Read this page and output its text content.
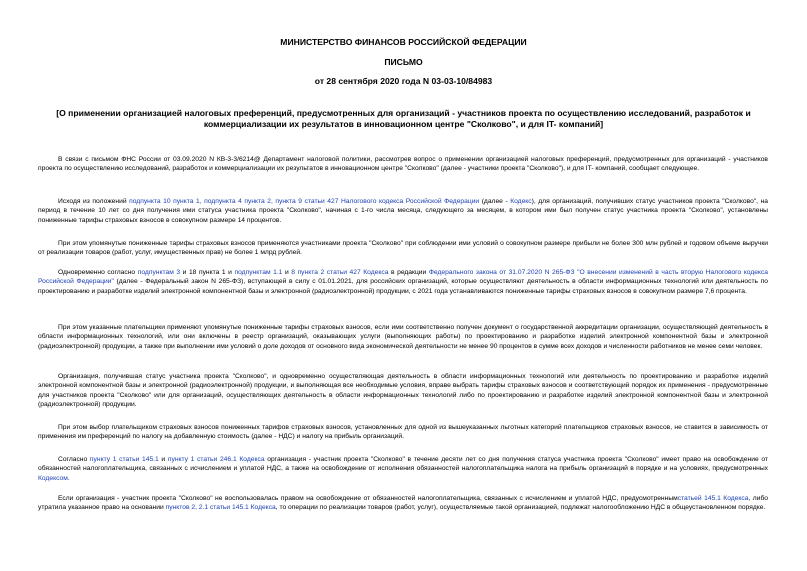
МИНИСТЕРСТВО ФИНАНСОВ РОССИЙСКОЙ ФЕДЕРАЦИИ
ПИСЬМО
от 28 сентября 2020 года N 03-03-10/84983
[О применении организацией налоговых преференций, предусмотренных для организаций - участников проекта по осуществлению исследований, разработок и коммерциализации их результатов в инновационном центре "Сколково", и для IT- компаний]

В связи с письмом ФНС России от 03.09.2020 N КВ-3-3/6214@ Департамент налоговой политики, рассмотрев вопрос о применении организацией налоговых преференций, предусмотренных для организаций - участников проекта по осуществлению исследований, разработок и коммерциализации их результатов в инновационном центре "Сколково" (далее - участники проекта "Сколково"), и для IT- компаний, сообщает следующее.

Исходя из положений подпункта 10 пункта 1, подпункта 4 пункта 2, пункта 9 статьи 427 Налогового кодекса Российской Федерации (далее - Кодекс), для организаций, получивших статус участников проекта "Сколково", на период в течение 10 лет со дня получения ими статуса участника проекта "Сколково", начиная с 1-го числа месяца, следующего за месяцем, в котором ими был получен статус участника проекта "Сколково", установлены пониженные тарифы страховых взносов в совокупном размере 14 процентов.

При этом упомянутые пониженные тарифы страховых взносов применяются участниками проекта "Сколково" при соблюдении ими условий о совокупном размере прибыли не более 300 млн рублей и годовом объеме выручки от реализации товаров (работ, услуг, имущественных прав) не более 1 млрд рублей.

Одновременно согласно подпунктам 3 и 18 пункта 1 и подпунктам 1.1 и 8 пункта 2 статьи 427 Кодекса в редакции Федерального закона от 31.07.2020 N 265-ФЗ "О внесении изменений в часть вторую Налогового кодекса Российской Федерации" (далее - Федеральный закон N 265-ФЗ), вступающей в силу с 01.01.2021, для российских организаций, которые осуществляют деятельность в области информационных технологий или деятельность по проектированию и разработке изделий электронной компонентной базы и электронной (радиоэлектронной) продукции, с 2021 года устанавливаются пониженные тарифы страховых взносов в совокупном размере 7,6 процента.

При этом указанные плательщики применяют упомянутые пониженные тарифы страховых взносов, если ими соответственно получен документ о государственной аккредитации организации, осуществляющей деятельность в области информационных технологий, или они включены в реестр организаций, оказывающих услуги (выполняющих работы) по проектированию и разработке изделий электронной компонентной базы и электронной (радиоэлектронной) продукции, а также при выполнении ими условий о доле доходов от основного вида экономической деятельности не менее 90 процентов в сумме всех доходов и численности работников не менее семи человек.

Организация, получившая статус участника проекта "Сколково", и одновременно осуществляющая деятельность в области информационных технологий или деятельность по проектированию и разработке изделий электронной компонентной базы и электронной (радиоэлектронной) продукции, и выполняющая все необходимые условия, вправе выбрать тарифы страховых взносов и соответствующий порядок их применения - предусмотренные для участников проекта "Сколково" или для организаций, осуществляющих деятельность в области информационных технологий либо по проектированию и разработке изделий электронной компонентной базы и электронной (радиоэлектронной) продукции.

При этом выбор плательщиком страховых взносов пониженных тарифов страховых взносов, установленных для одной из вышеуказанных льготных категорий плательщиков страховых взносов, не ставится в зависимость от применения им преференций по налогу на добавленную стоимость (далее - НДС) и налогу на прибыль организаций.

Согласно пункту 1 статьи 145.1 и пункту 1 статьи 246.1 Кодекса организация - участник проекта "Сколково" в течение десяти лет со дня получения статуса участника проекта "Сколково" имеет право на освобождение от обязанностей налогоплательщика, связанных с исчислением и уплатой НДС, а также на освобождение от исполнения обязанностей налогоплательщика налога на прибыль организаций в порядке и на условиях, предусмотренных Кодексом.

Если организация - участник проекта "Сколково" не воспользовалась правом на освобождение от обязанностей налогоплательщика, связанных с исчислением и уплатой НДС, предусмотреннымстатьей 145.1 Кодекса, либо утратила указанное право на основании пунктов 2, 2.1 статьи 145.1 Кодекса, то операции по реализации товаров (работ, услуг), осуществляемые такой организацией, подлежат налогообложению НДС в общеустановленном порядке.
